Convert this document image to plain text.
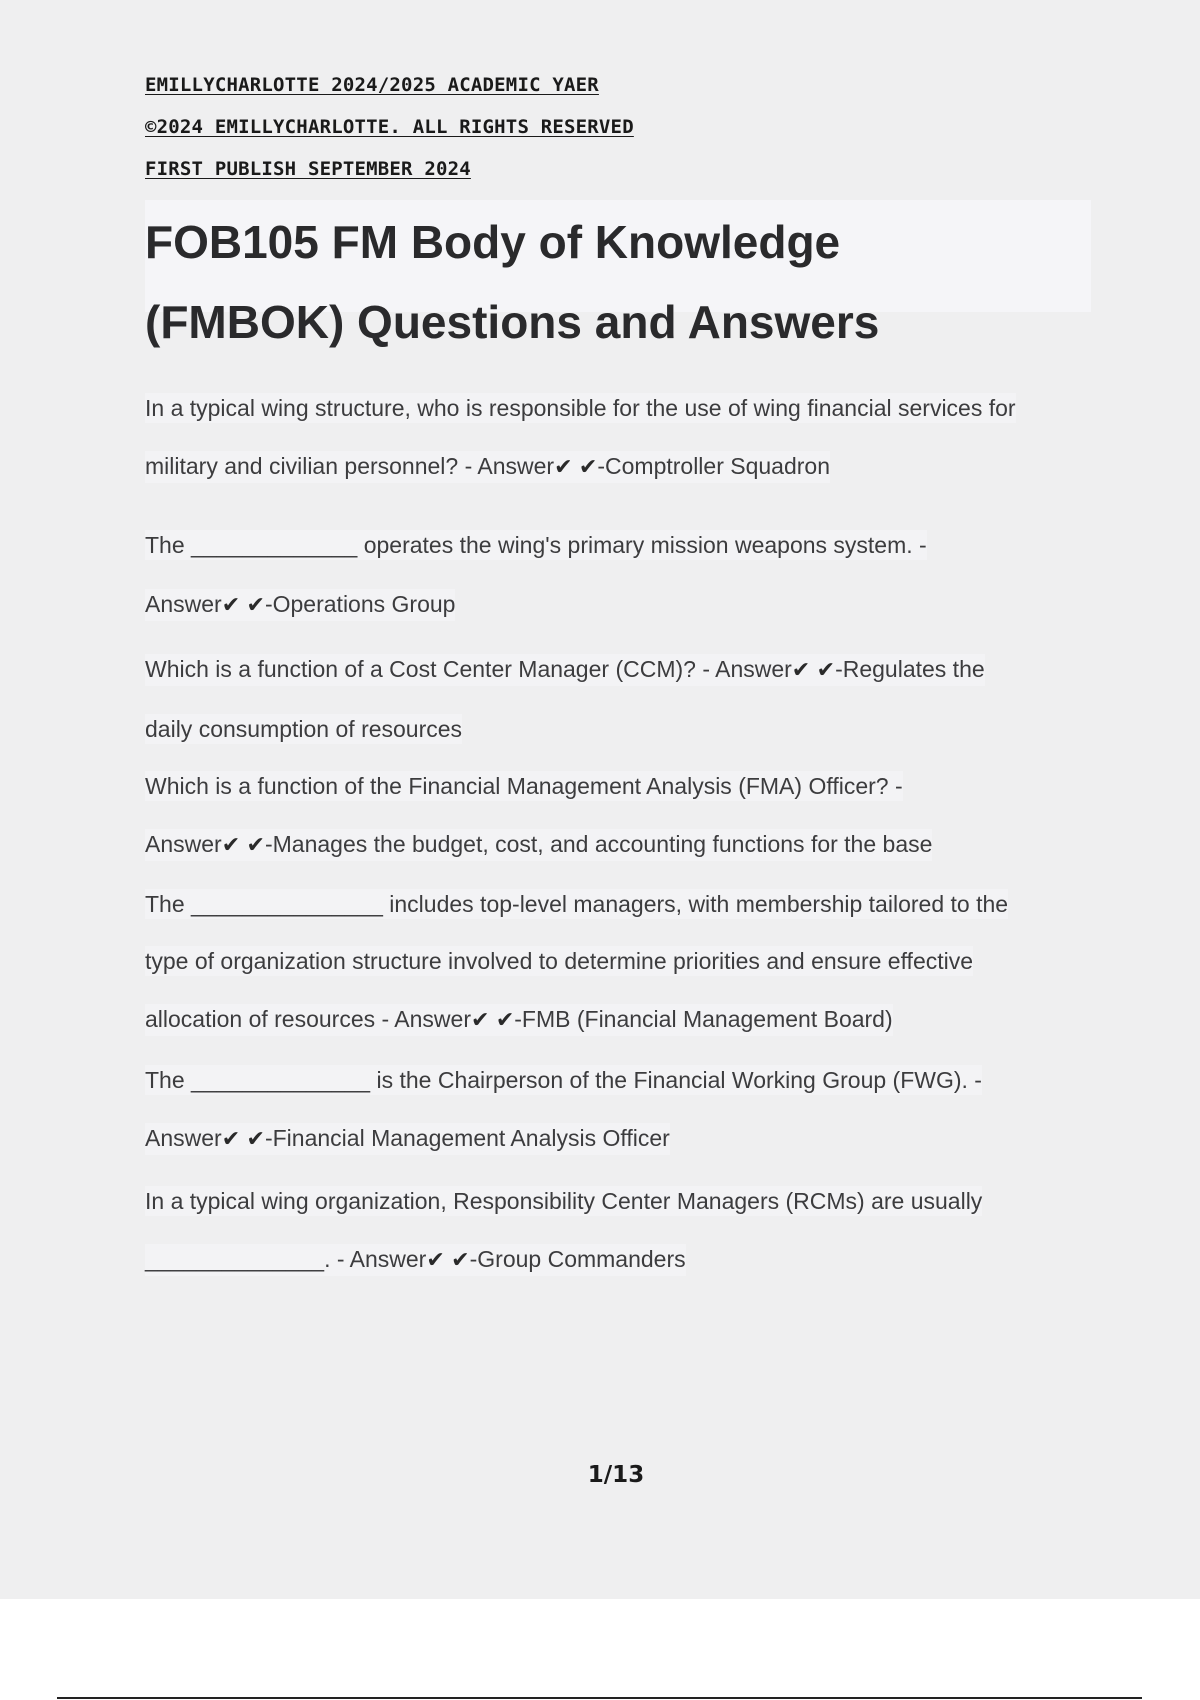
EMILLYCHARLOTTE 2024/2025 ACADEMIC YAER
©2024 EMILLYCHARLOTTE. ALL RIGHTS RESERVED
FIRST PUBLISH SEPTEMBER 2024
FOB105 FM Body of Knowledge
(FMBOK) Questions and Answers
In a typical wing structure, who is responsible for the use of wing financial services for
military and civilian personnel? - Answer✔ ✔-Comptroller Squadron
The _____________ operates the wing's primary mission weapons system. -
Answer✔ ✔-Operations Group
Which is a function of a Cost Center Manager (CCM)? - Answer✔ ✔-Regulates the
daily consumption of resources
Which is a function of the Financial Management Analysis (FMA) Officer? -
Answer✔ ✔-Manages the budget, cost, and accounting functions for the base
The _______________ includes top-level managers, with membership tailored to the
type of organization structure involved to determine priorities and ensure effective
allocation of resources - Answer✔ ✔-FMB (Financial Management Board)
The ______________ is the Chairperson of the Financial Working Group (FWG). -
Answer✔ ✔-Financial Management Analysis Officer
In a typical wing organization, Responsibility Center Managers (RCMs) are usually
______________. - Answer✔ ✔-Group Commanders
1/13
